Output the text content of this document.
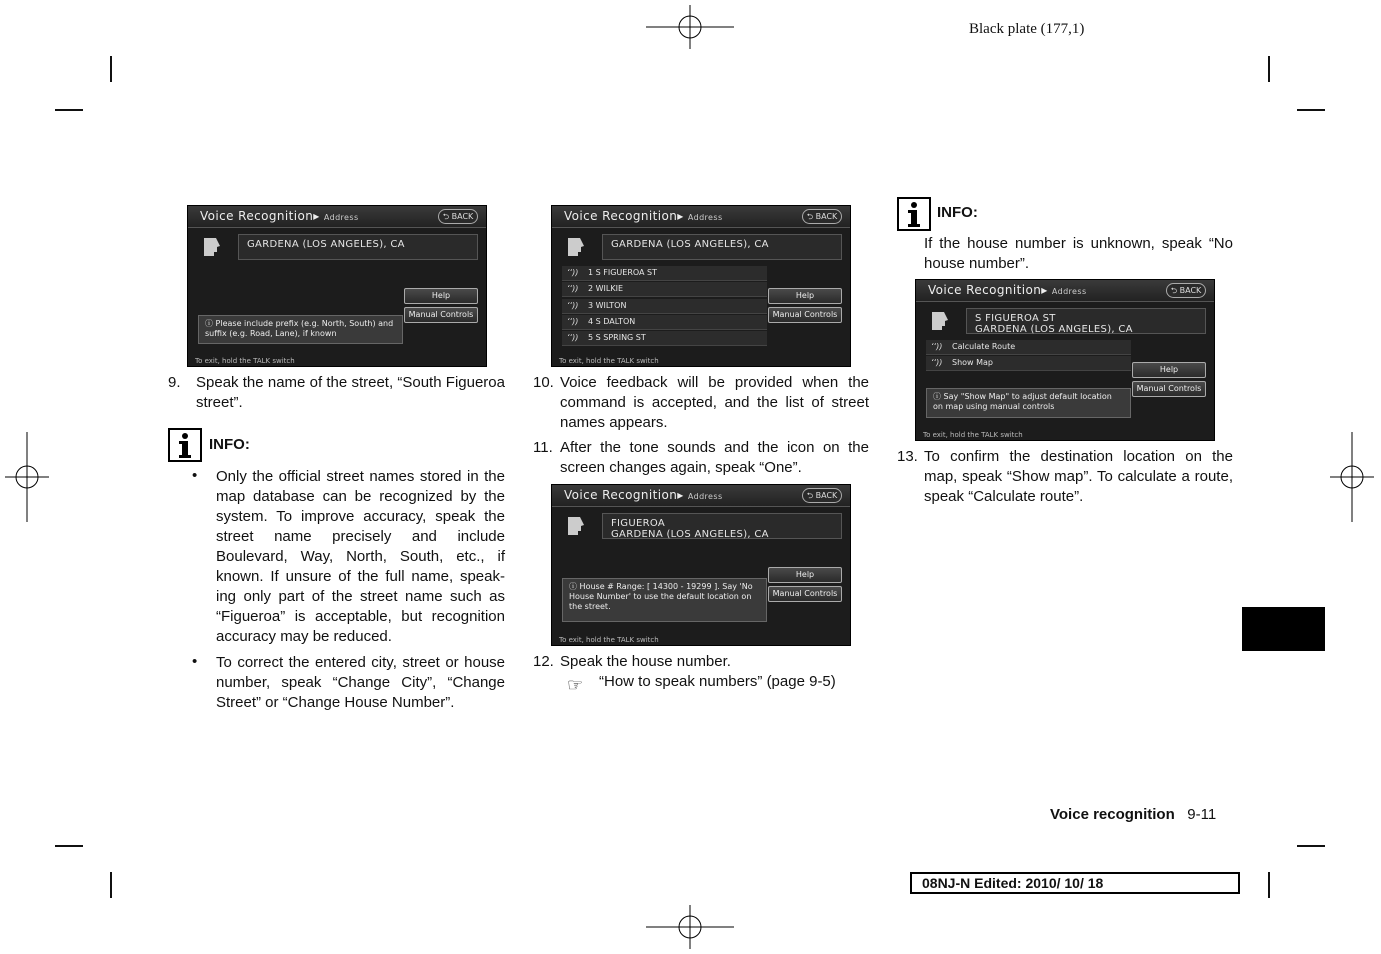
Black plate (177,1)
Voice Recognition▸ Address	⮌ BACK
GARDENA (LOS ANGELES), CA
Help
Manual Controls
ⓘ Please include prefix (e.g. North, South) and suffix (e.g. Road, Lane), if known
To exit, hold the TALK switch
Voice Recognition▸ Address	⮌ BACK
GARDENA (LOS ANGELES), CA
‘‘)) 1 S FIGUEROA ST
‘‘)) 2 WILKIE
‘‘)) 3 WILTON
‘‘)) 4 S DALTON
‘‘)) 5 S SPRING ST
Help
Manual Controls
To exit, hold the TALK switch
Voice Recognition▸ Address	⮌ BACK
FIGUEROA
GARDENA (LOS ANGELES), CA
Help
Manual Controls
ⓘ House # Range: [ 14300 - 19299 ]. Say 'No House Number' to use the default location on the street.
To exit, hold the TALK switch
Voice Recognition▸ Address	⮌ BACK
S FIGUEROA ST
GARDENA (LOS ANGELES), CA
‘‘)) Calculate Route
‘‘)) Show Map
Help
Manual Controls
ⓘ Say "Show Map" to adjust default location on map using manual controls
To exit, hold the TALK switch
9. Speak the name of the street, “South Figueroa street”.
INFO:
• Only the official street names stored in the map database can be recognized by the system. To improve accuracy, speak the street name precisely and include Boulevard, Way, North, South, etc., if known. If unsure of the full name, speak-ing only part of the street name such as “Figueroa” is acceptable, but recognition accuracy may be reduced.
• To correct the entered city, street or house number, speak “Change City”, “Change Street” or “Change House Number”.
10. Voice feedback will be provided when the command is accepted, and the list of street names appears.
11. After the tone sounds and the icon on the screen changes again, speak “One”.
12. Speak the house number.
☞ “How to speak numbers” (page 9-5)
INFO:
If the house number is unknown, speak “No house number”.
13. To confirm the destination location on the map, speak “Show map”. To calculate a route, speak “Calculate route”.
Voice recognition 9-11
08NJ-N Edited: 2010/ 10/ 18
